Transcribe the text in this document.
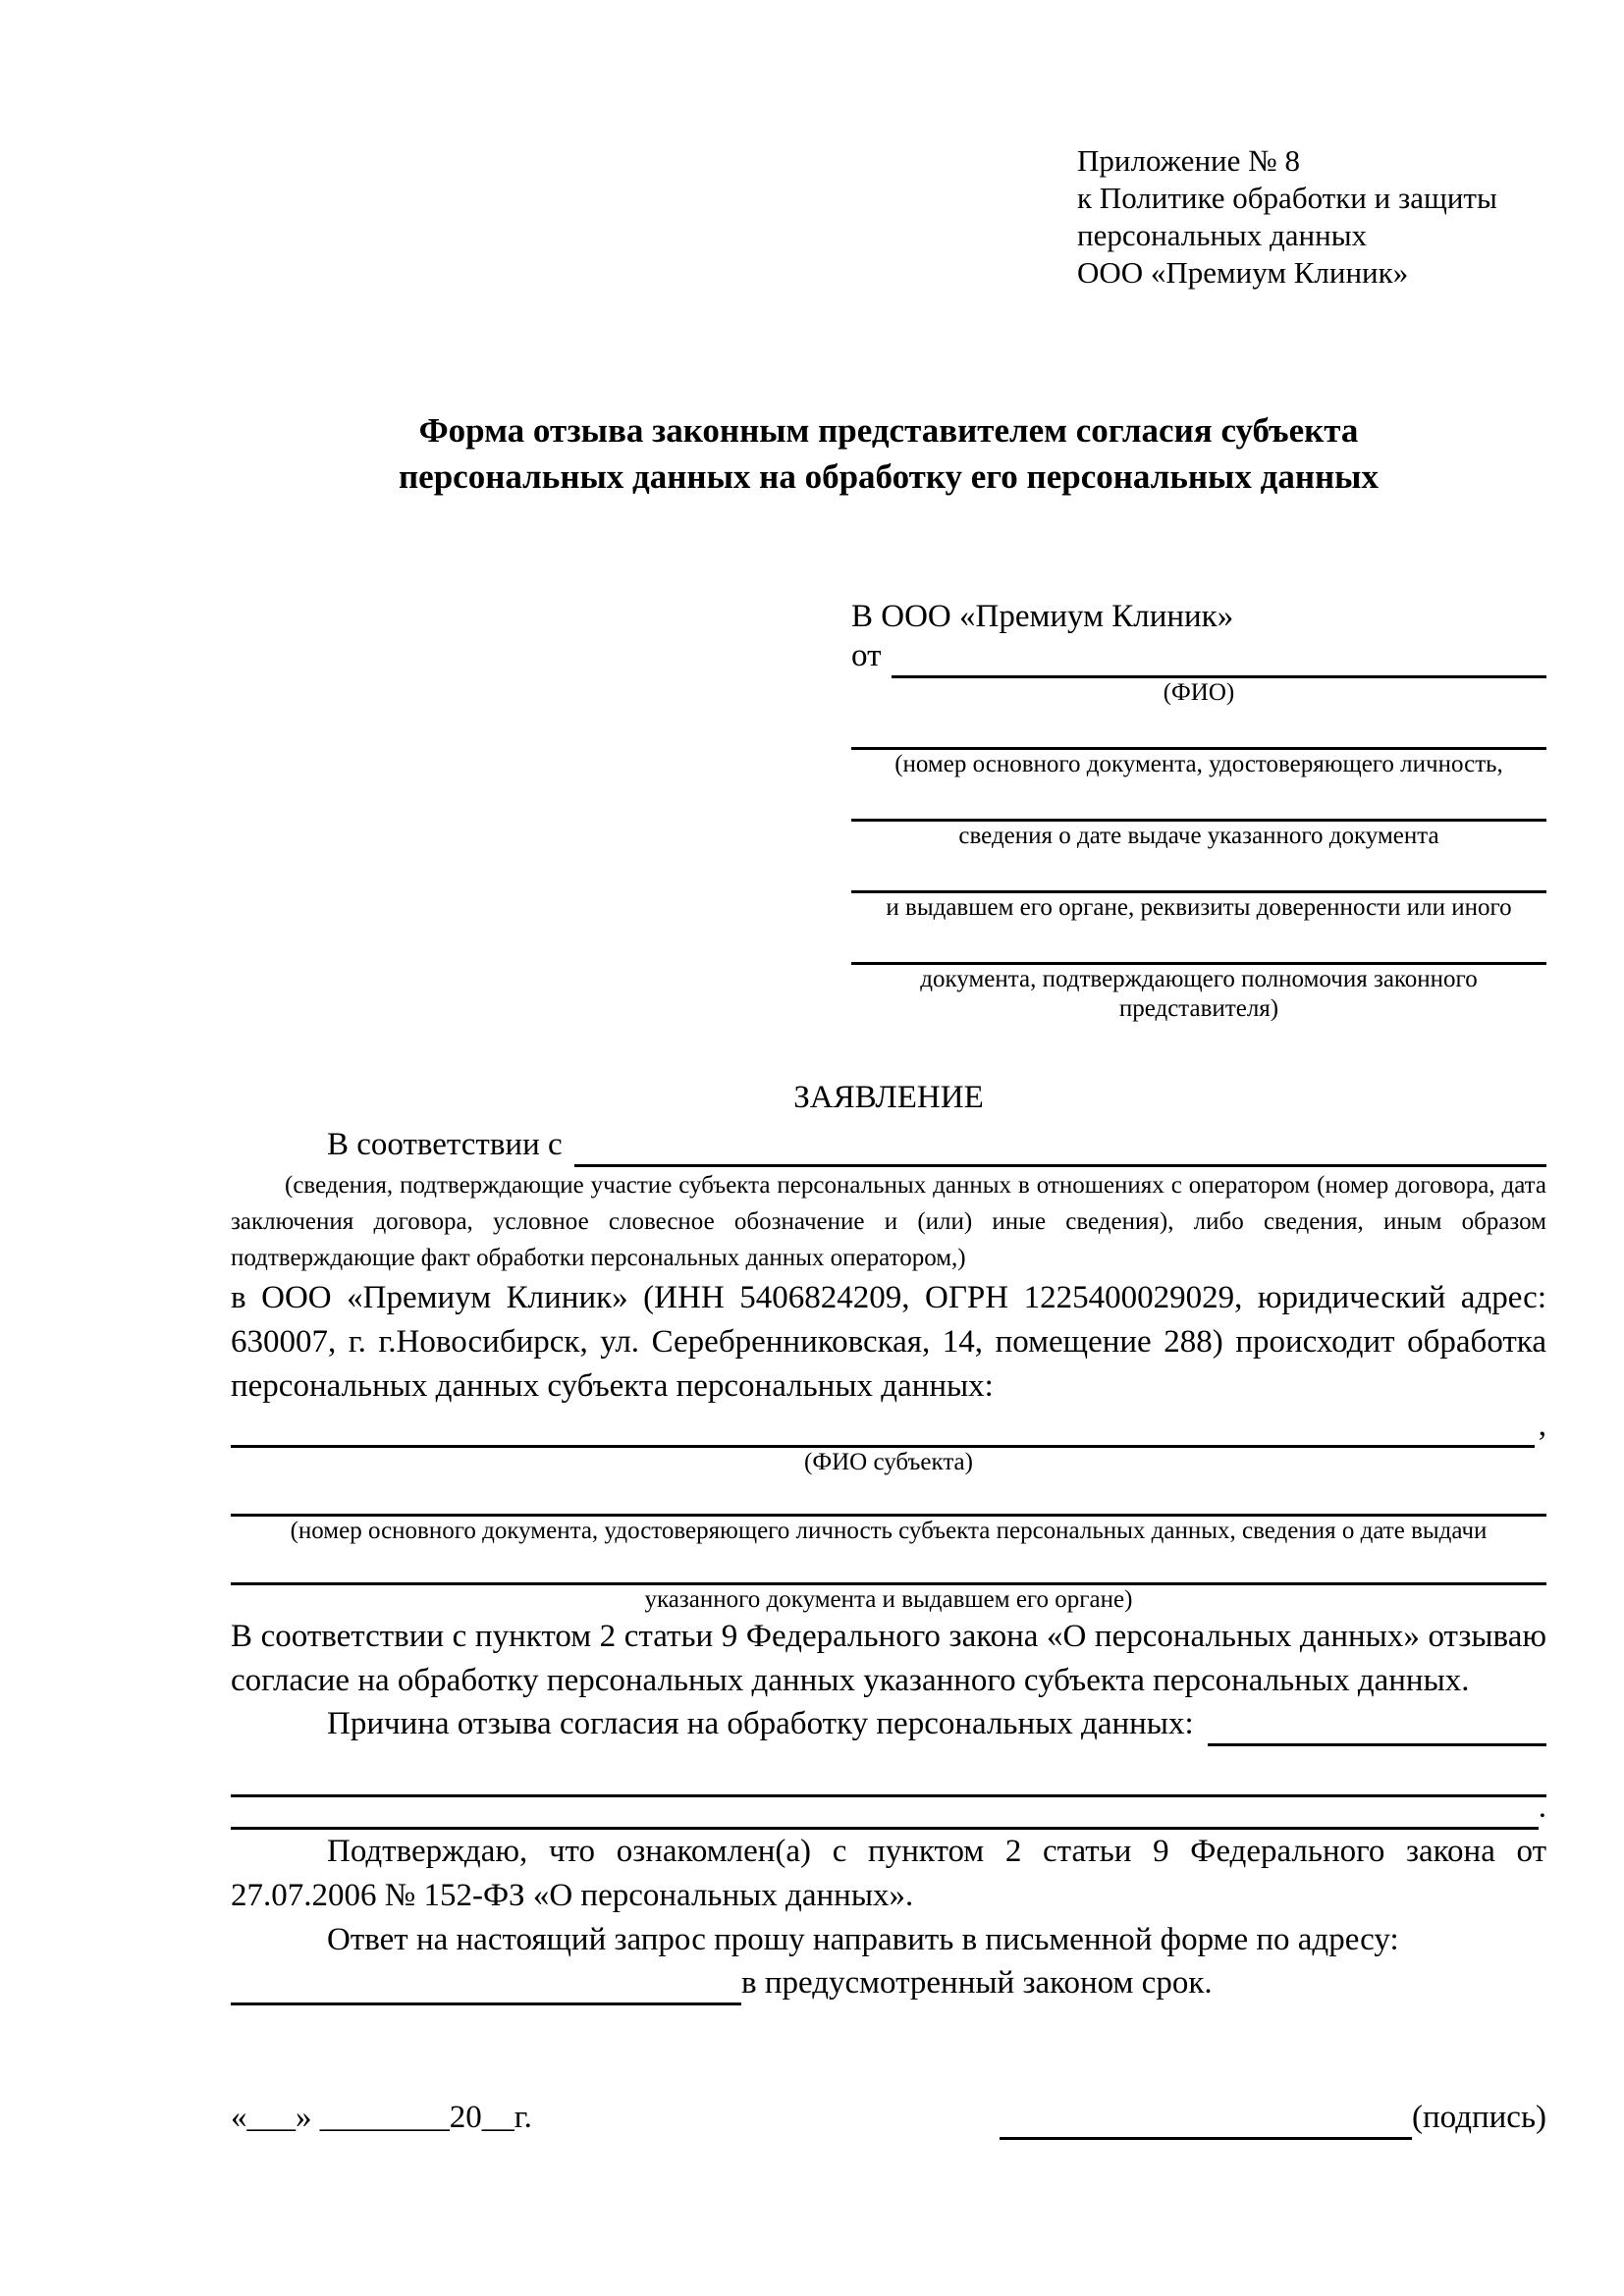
Приложение № 8
к Политике обработки и защиты
персональных данных
ООО «Премиум Клиник»
Форма отзыва законным представителем согласия субъекта персональных данных на обработку его персональных данных
В ООО «Премиум Клиник»
от
(ФИО)
(номер основного документа, удостоверяющего личность,
сведения о дате выдаче указанного документа
и выдавшем его органе, реквизиты доверенности или иного
документа, подтверждающего полномочия законного представителя)
ЗАЯВЛЕНИЕ
В соответствии с
(сведения, подтверждающие участие субъекта персональных данных в отношениях с оператором (номер договора, дата заключения договора, условное словесное обозначение и (или) иные сведения), либо сведения, иным образом подтверждающие факт обработки персональных данных оператором,)
в ООО «Премиум Клиник» (ИНН 5406824209, ОГРН 1225400029029, юридический адрес: 630007, г. г.Новосибирск, ул. Серебренниковская, 14, помещение 288) происходит обработка персональных данных субъекта персональных данных:
,
(ФИО субъекта)
(номер основного документа, удостоверяющего личность субъекта персональных данных, сведения о дате выдачи
указанного документа и выдавшем его органе)
В соответствии с пунктом 2 статьи 9 Федерального закона «О персональных данных» отзываю согласие на обработку персональных данных указанного субъекта персональных данных.
Причина отзыва согласия на обработку персональных данных:
.
Подтверждаю, что ознакомлен(а) с пунктом 2 статьи 9 Федерального закона от 27.07.2006 № 152-ФЗ «О персональных данных».
Ответ на настоящий запрос прошу направить в письменной форме по адресу:
в предусмотренный законом срок.
«___» ________20__г.	(подпись)
